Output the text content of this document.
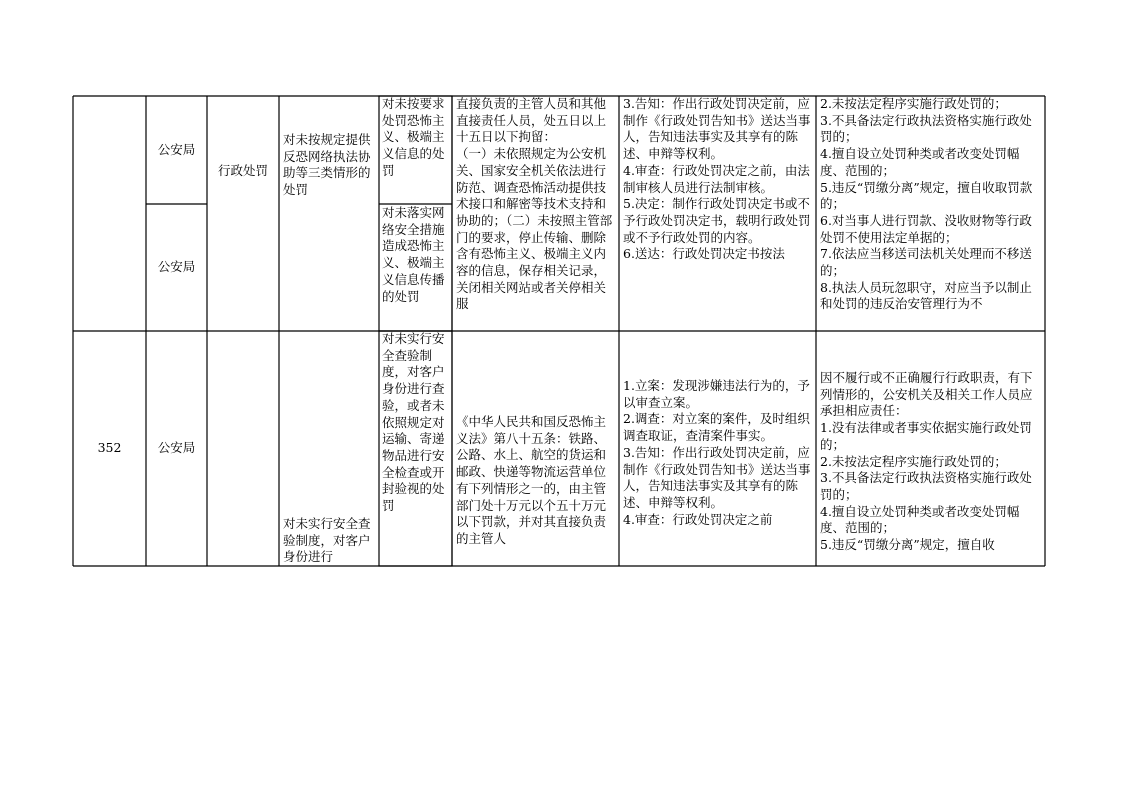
公安局
公安局
行政处罚
对未按规定提供反恐网络执法协助等三类情形的处罚
对未按要求处罚恐怖主义、极端主义信息的处罚
对未落实网络安全措施造成恐怖主义、极端主义信息传播的处罚
直接负责的主管人员和其他直接责任人员，处五日以上十五日以下拘留：
（一）未依照规定为公安机关、国家安全机关依法进行防范、调查恐怖活动提供技术接口和解密等技术支持和协助的；（二）未按照主管部门的要求，停止传输、删除含有恐怖主义、极端主义内容的信息，保存相关记录，关闭相关网站或者关停相关服
3.告知：作出行政处罚决定前，应制作《行政处罚告知书》送达当事人，告知违法事实及其享有的陈述、申辩等权利。
4.审查：行政处罚决定之前，由法制审核人员进行法制审核。
5.决定：制作行政处罚决定书或不予行政处罚决定书，载明行政处罚或不予行政处罚的内容。
6.送达：行政处罚决定书按法
2.未按法定程序实施行政处罚的；
3.不具备法定行政执法资格实施行政处罚的；
4.擅自设立处罚种类或者改变处罚幅度、范围的；
5.违反“罚缴分离”规定，擅自收取罚款的；
6.对当事人进行罚款、没收财物等行政处罚不使用法定单据的；
7.依法应当移送司法机关处理而不移送的；
8.执法人员玩忽职守，对应当予以制止和处罚的违反治安管理行为不
352	公安局
对未实行安全查验制度，对客户身份进行
对未实行安全查验制度，对客户身份进行查验，或者未依照规定对运输、寄递物品进行安全检查或开封验视的处罚
《中华人民共和国反恐怖主义法》第八十五条：铁路、公路、水上、航空的货运和邮政、快递等物流运营单位有下列情形之一的，由主管部门处十万元以个五十万元以下罚款，并对其直接负责的主管人
1.立案：发现涉嫌违法行为的，予以审查立案。
2.调查：对立案的案件，及时组织调查取证，查清案件事实。
3.告知：作出行政处罚决定前，应制作《行政处罚告知书》送达当事人，告知违法事实及其享有的陈述、申辩等权利。
4.审查：行政处罚决定之前
因不履行或不正确履行行政职责，有下列情形的，公安机关及相关工作人员应承担相应责任：
1.没有法律或者事实依据实施行政处罚的；
2.未按法定程序实施行政处罚的；
3.不具备法定行政执法资格实施行政处罚的；
4.擅自设立处罚种类或者改变处罚幅度、范围的；
5.违反“罚缴分离”规定，擅自收
